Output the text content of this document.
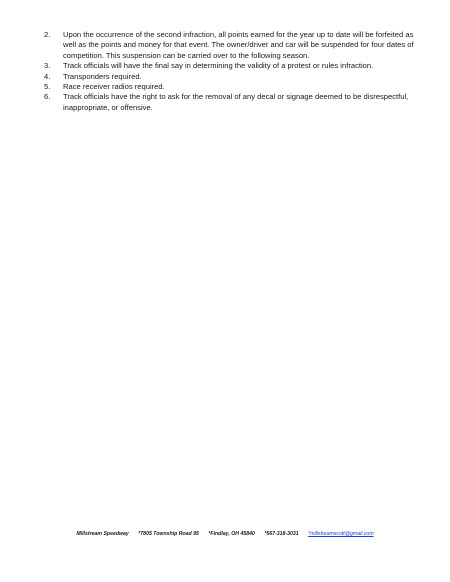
2. Upon the occurrence of the second infraction, all points earned for the year up to date will be forfeited as well as the points and money for that event. The owner/driver and car will be suspended for four dates of competition. This suspension can be carried over to the following season.
3. Track officials will have the final say in determining the validity of a protest or rules infraction.
4. Transponders required.
5. Race receiver radios required.
6. Track officials have the right to ask for the removal of any decal or signage deemed to be disrespectful, inappropriate, or offensive.
Millstream Speedway *7805 Township Road 95 *Findlay, OH 45840 *567-318-3031 *millstreamscott@gmail.com
